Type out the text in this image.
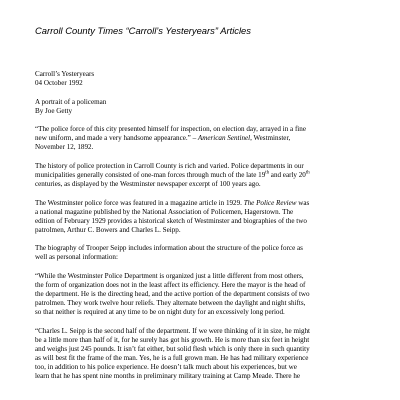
Carroll County Times “Carroll’s Yesteryears” Articles
Carroll’s Yesteryears
04 October 1992
A portrait of a policeman
By Joe Getty
“The police force of this city presented himself for inspection, on election day, arrayed in a fine
new uniform, and made a very handsome appearance.” – American Sentinel, Westminster,
November 12, 1892.
The history of police protection in Carroll County is rich and varied. Police departments in our
municipalities generally consisted of one-man forces through much of the late 19th and early 20th
centuries, as displayed by the Westminster newspaper excerpt of 100 years ago.
The Westminster police force was featured in a magazine article in 1929. The Police Review was
a national magazine published by the National Association of Policemen, Hagerstown. The
edition of February 1929 provides a historical sketch of Westminster and biographies of the two
patrolmen, Arthur C. Bowers and Charles L. Seipp.
The biography of Trooper Seipp includes information about the structure of the police force as
well as personal information:
“While the Westminster Police Department is organized just a little different from most others,
the form of organization does not in the least affect its efficiency. Here the mayor is the head of
the department. He is the directing head, and the active portion of the department consists of two
patrolmen. They work twelve hour reliefs. They alternate between the daylight and night shifts,
so that neither is required at any time to be on night duty for an excessively long period.
“Charles L. Seipp is the second half of the department. If we were thinking of it in size, he might
be a little more than half of it, for he surely has got his growth. He is more than six feet in height
and weighs just 245 pounds. It isn’t fat either, but solid flesh which is only there in such quantity
as will best fit the frame of the man. Yes, he is a full grown man. He has had military experience
too, in addition to his police experience. He doesn’t talk much about his experiences, but we
learn that he has spent nine months in preliminary military training at Camp Meade. There he
